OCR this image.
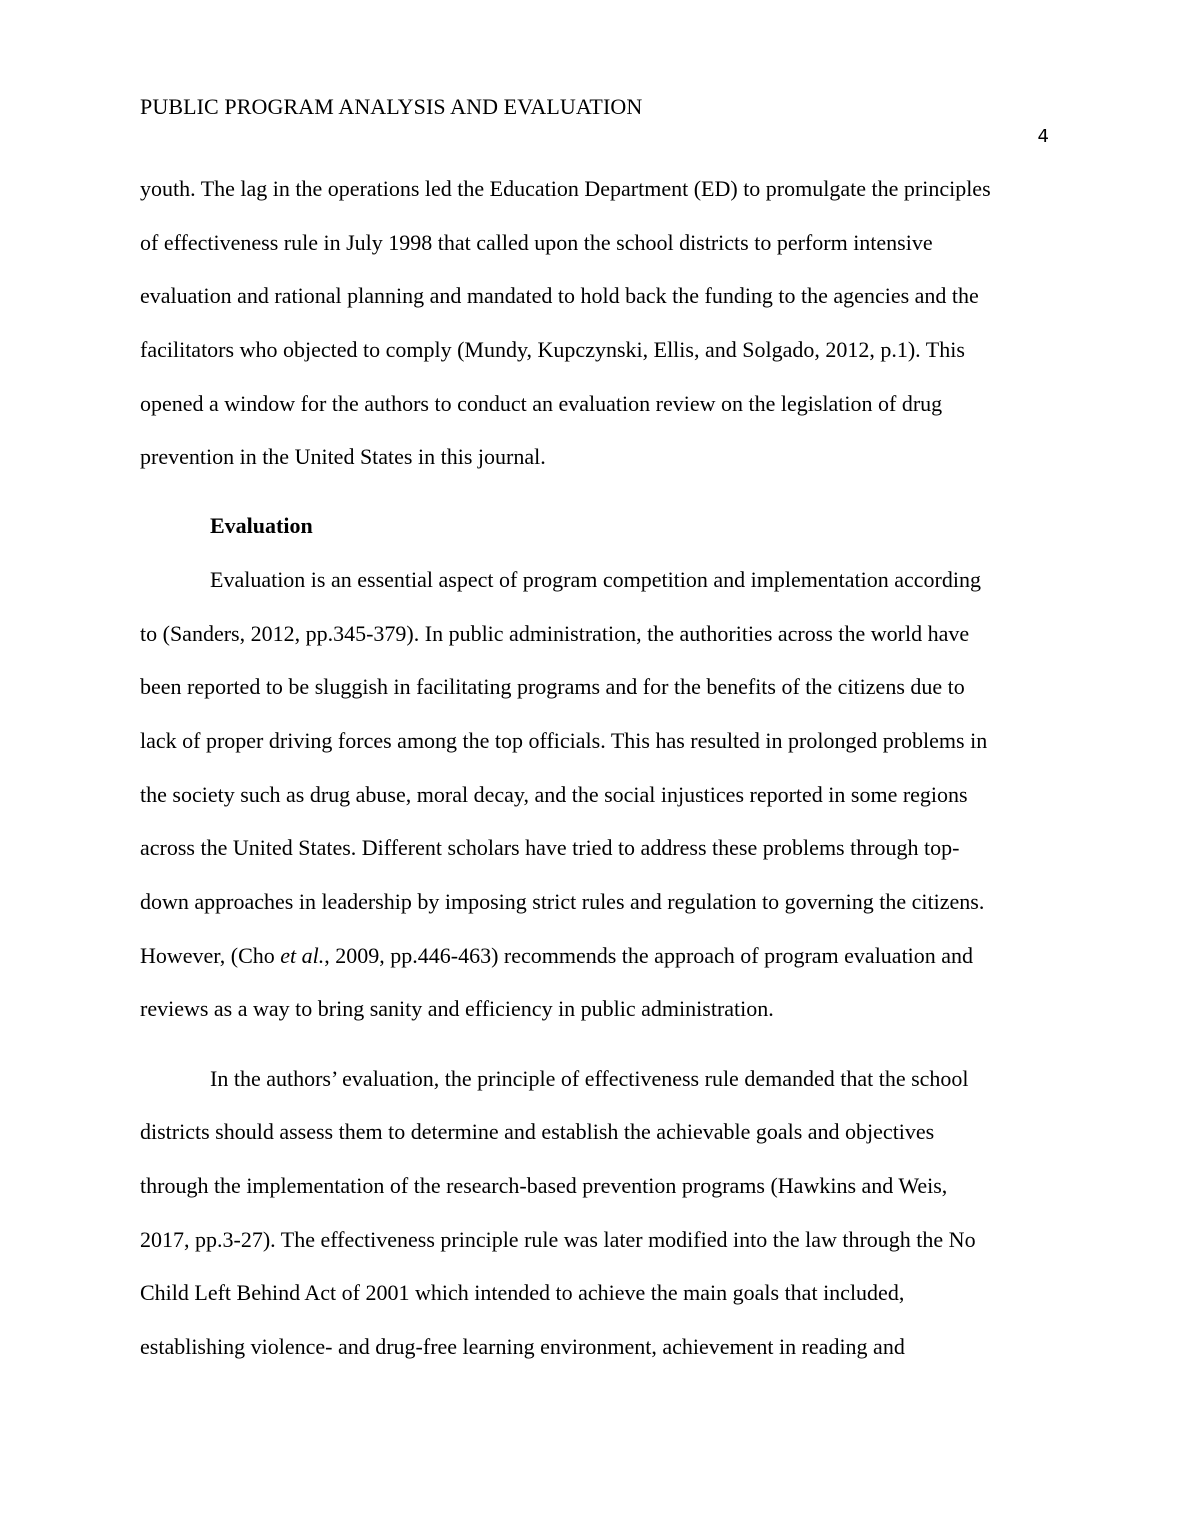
PUBLIC PROGRAM ANALYSIS AND EVALUATION
4
youth. The lag in the operations led the Education Department (ED) to promulgate the principles
of effectiveness rule in July 1998 that called upon the school districts to perform intensive
evaluation and rational planning and mandated to hold back the funding to the agencies and the
facilitators who objected to comply (Mundy, Kupczynski, Ellis, and Solgado, 2012, p.1). This
opened a window for the authors to conduct an evaluation review on the legislation of drug
prevention in the United States in this journal.
Evaluation
Evaluation is an essential aspect of program competition and implementation according
to (Sanders, 2012, pp.345-379). In public administration, the authorities across the world have
been reported to be sluggish in facilitating programs and for the benefits of the citizens due to
lack of proper driving forces among the top officials. This has resulted in prolonged problems in
the society such as drug abuse, moral decay, and the social injustices reported in some regions
across the United States. Different scholars have tried to address these problems through top-
down approaches in leadership by imposing strict rules and regulation to governing the citizens.
However, (Cho et al., 2009, pp.446-463) recommends the approach of program evaluation and
reviews as a way to bring sanity and efficiency in public administration.
In the authors’ evaluation, the principle of effectiveness rule demanded that the school
districts should assess them to determine and establish the achievable goals and objectives
through the implementation of the research-based prevention programs (Hawkins and Weis,
2017, pp.3-27). The effectiveness principle rule was later modified into the law through the No
Child Left Behind Act of 2001 which intended to achieve the main goals that included,
establishing violence- and drug-free learning environment, achievement in reading and
